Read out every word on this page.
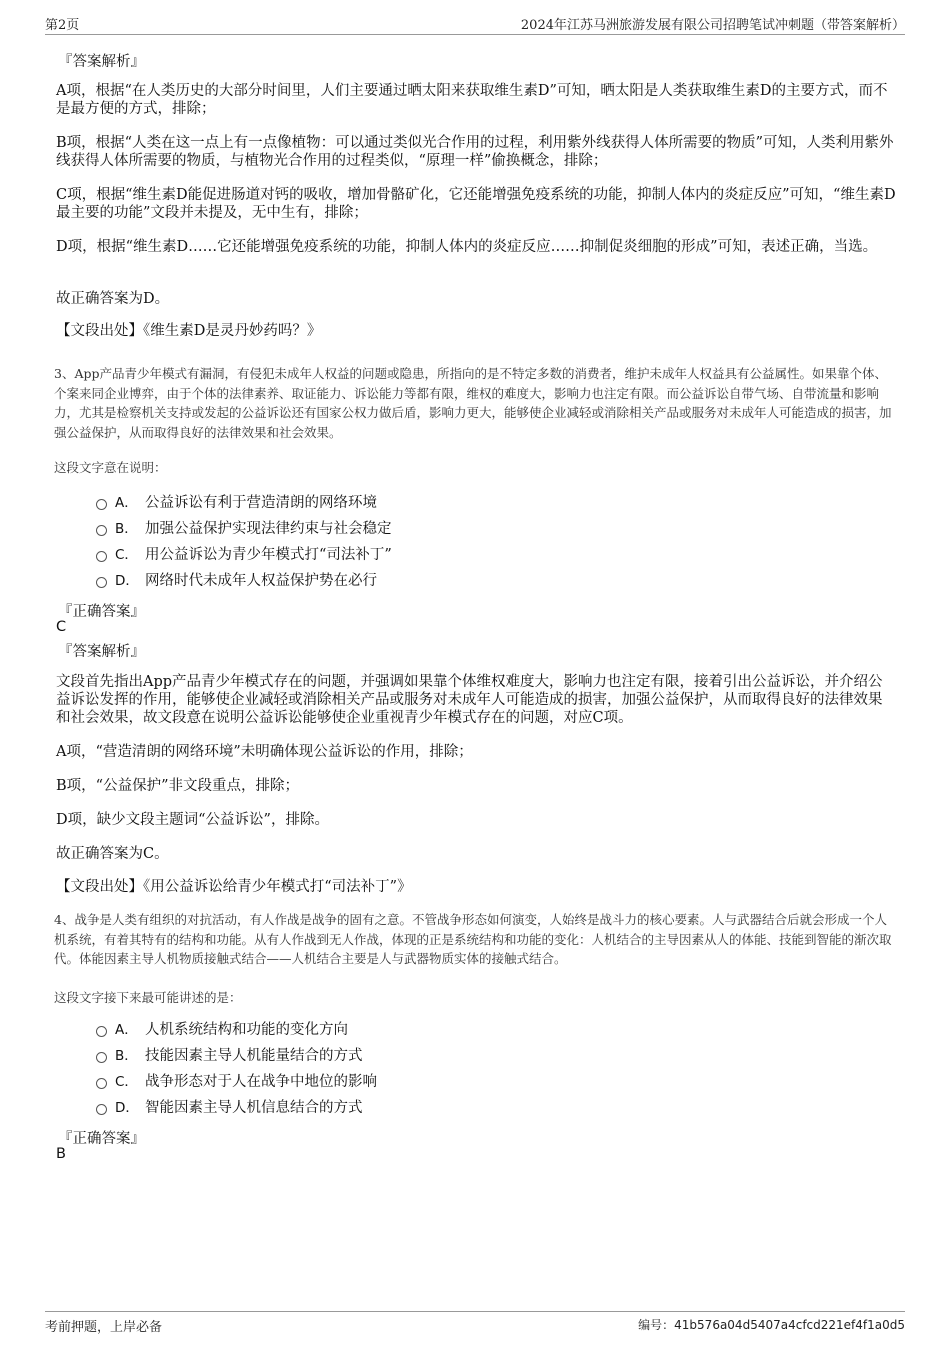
第2页	2024年江苏马洲旅游发展有限公司招聘笔试冲刺题（带答案解析）

『答案解析』

A项，根据“在人类历史的大部分时间里，人们主要通过晒太阳来获取维生素D”可知，晒太阳是人类获取维生素D的主要方式，而不是最方便的方式，排除；

B项，根据“人类在这一点上有一点像植物：可以通过类似光合作用的过程，利用紫外线获得人体所需要的物质”可知，人类利用紫外线获得人体所需要的物质，与植物光合作用的过程类似，“原理一样”偷换概念，排除；

C项，根据“维生素D能促进肠道对钙的吸收，增加骨骼矿化，它还能增强免疫系统的功能，抑制人体内的炎症反应”可知，“维生素D最主要的功能”文段并未提及，无中生有，排除；

D项，根据“维生素D……它还能增强免疫系统的功能，抑制人体内的炎症反应……抑制促炎细胞的形成”可知，表述正确，当选。

故正确答案为D。

【文段出处】《维生素D是灵丹妙药吗？》

3、App产品青少年模式有漏洞，有侵犯未成年人权益的问题或隐患，所指向的是不特定多数的消费者，维护未成年人权益具有公益属性。如果靠个体、个案来同企业博弈，由于个体的法律素养、取证能力、诉讼能力等都有限，维权的难度大，影响力也注定有限。而公益诉讼自带气场、自带流量和影响力，尤其是检察机关支持或发起的公益诉讼还有国家公权力做后盾，影响力更大，能够使企业减轻或消除相关产品或服务对未成年人可能造成的损害，加强公益保护，从而取得良好的法律效果和社会效果。

这段文字意在说明：

A． 公益诉讼有利于营造清朗的网络环境
B． 加强公益保护实现法律约束与社会稳定
C． 用公益诉讼为青少年模式打“司法补丁”
D． 网络时代未成年人权益保护势在必行

『正确答案』

C

『答案解析』

文段首先指出App产品青少年模式存在的问题，并强调如果靠个体维权难度大，影响力也注定有限，接着引出公益诉讼，并介绍公益诉讼发挥的作用，能够使企业减轻或消除相关产品或服务对未成年人可能造成的损害，加强公益保护，从而取得良好的法律效果和社会效果，故文段意在说明公益诉讼能够使企业重视青少年模式存在的问题，对应C项。

A项，“营造清朗的网络环境”未明确体现公益诉讼的作用，排除；

B项，“公益保护”非文段重点，排除；

D项，缺少文段主题词“公益诉讼”，排除。

故正确答案为C。

【文段出处】《用公益诉讼给青少年模式打“司法补丁”》

4、战争是人类有组织的对抗活动，有人作战是战争的固有之意。不管战争形态如何演变，人始终是战斗力的核心要素。人与武器结合后就会形成一个人机系统，有着其特有的结构和功能。从有人作战到无人作战，体现的正是系统结构和功能的变化：人机结合的主导因素从人的体能、技能到智能的渐次取代。体能因素主导人机物质接触式结合——人机结合主要是人与武器物质实体的接触式结合。

这段文字接下来最可能讲述的是：

A． 人机系统结构和功能的变化方向
B． 技能因素主导人机能量结合的方式
C． 战争形态对于人在战争中地位的影响
D． 智能因素主导人机信息结合的方式

『正确答案』

B

考前押题，上岸必备	编号：41b576a04d5407a4cfcd221ef4f1a0d5
